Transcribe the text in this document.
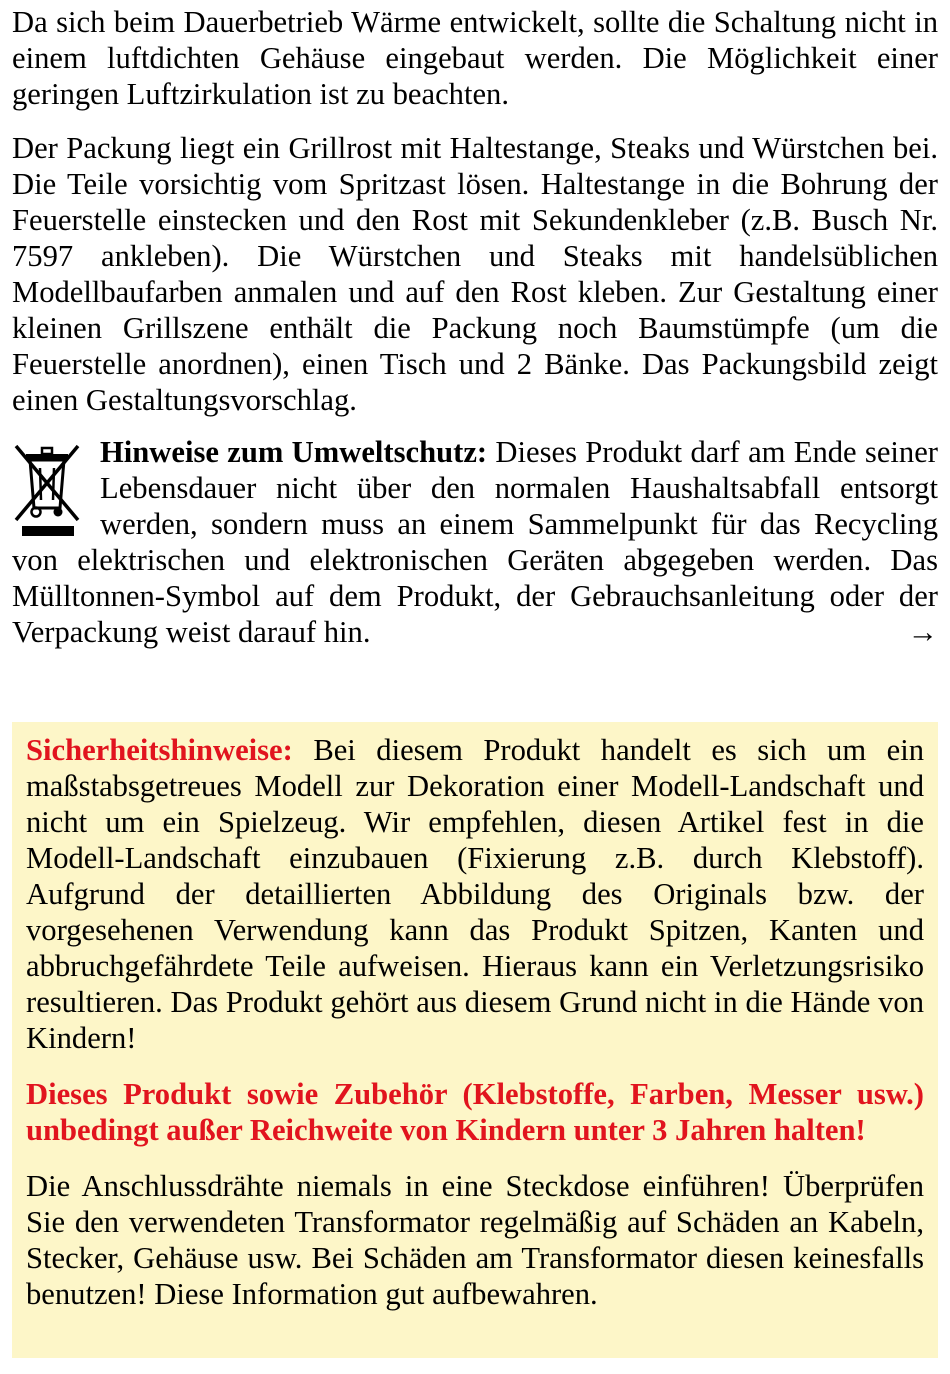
Da sich beim Dauerbetrieb Wärme entwickelt, sollte die Schaltung nicht in einem luftdichten Gehäuse eingebaut werden. Die Möglichkeit einer geringen Luftzirkulation ist zu beachten.

Der Packung liegt ein Grillrost mit Haltestange, Steaks und Würstchen bei. Die Teile vorsichtig vom Spritzast lösen. Haltestange in die Bohrung der Feuerstelle einstecken und den Rost mit Sekundenkleber (z.B. Busch Nr. 7597 ankleben). Die Würstchen und Steaks mit handelsüblichen Modellbaufarben anmalen und auf den Rost kleben. Zur Gestaltung einer kleinen Grillszene enthält die Packung noch Baumstümpfe (um die Feuerstelle anordnen), einen Tisch und 2 Bänke. Das Packungsbild zeigt einen Gestaltungsvorschlag.

Hinweise zum Umweltschutz: Dieses Produkt darf am Ende seiner Lebensdauer nicht über den normalen Haushaltsabfall entsorgt werden, sondern muss an einem Sammelpunkt für das Recycling von elektrischen und elektronischen Geräten abgegeben werden. Das Mülltonnen-Symbol auf dem Produkt, der Gebrauchsanleitung oder der Verpackung weist darauf hin.	→

Sicherheitshinweise: Bei diesem Produkt handelt es sich um ein maßstabsgetreues Modell zur Dekoration einer Modell-Landschaft und nicht um ein Spielzeug. Wir empfehlen, diesen Artikel fest in die Modell-Landschaft einzubauen (Fixierung z.B. durch Klebstoff). Aufgrund der detaillierten Abbildung des Originals bzw. der vorgesehenen Verwendung kann das Produkt Spitzen, Kanten und abbruchgefährdete Teile aufweisen. Hieraus kann ein Verletzungsrisiko resultieren. Das Produkt gehört aus diesem Grund nicht in die Hände von Kindern!

Dieses Produkt sowie Zubehör (Klebstoffe, Farben, Messer usw.) unbedingt außer Reichweite von Kindern unter 3 Jahren halten!

Die Anschlussdrähte niemals in eine Steckdose einführen! Überprüfen Sie den verwendeten Transformator regelmäßig auf Schäden an Kabeln, Stecker, Gehäuse usw. Bei Schäden am Transformator diesen keinesfalls benutzen! Diese Information gut aufbewahren.
